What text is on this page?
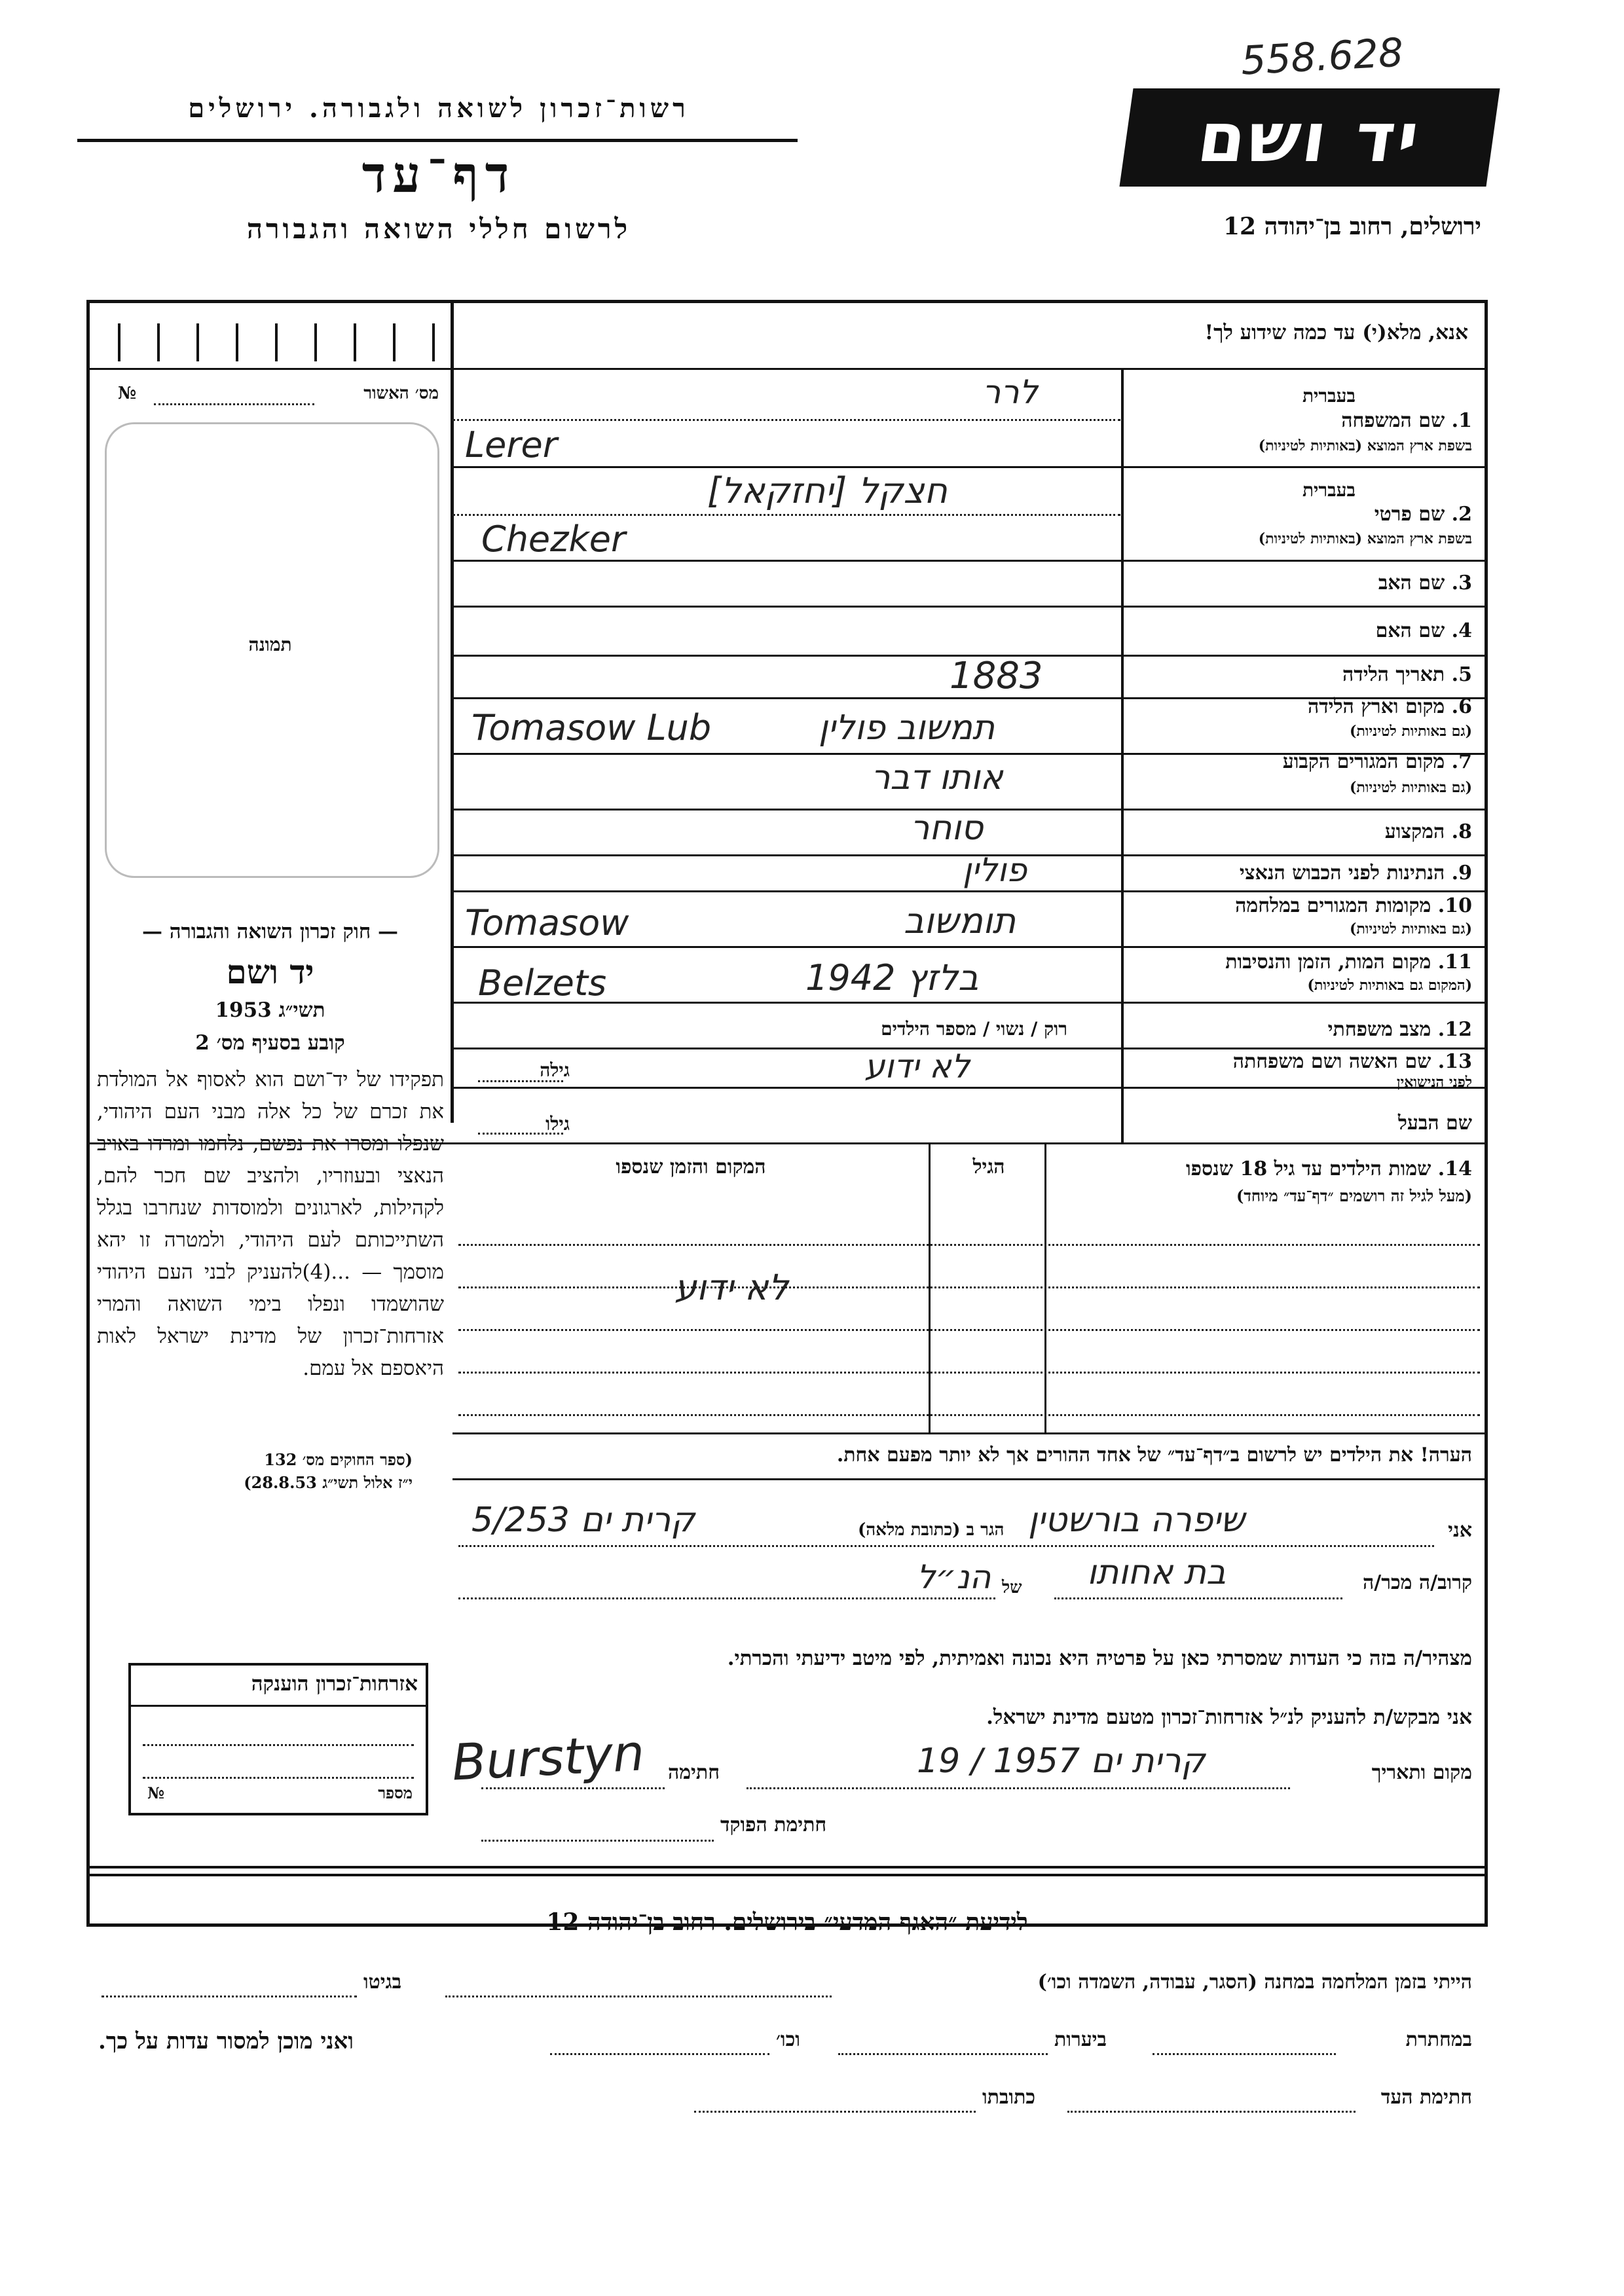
558.628
יד ושם
ירושלים, רחוב בן־יהודה 12
רשות־זכרון לשואה ולגבורה. ירושלים
דף־עד
לרשום חללי השואה והגבורה
אנא, מלא(י) עד כמה שידוע לך!
מס׳ האשור
№
תמונה
בעברית
1. שם המשפחה
בשפת ארץ המוצא (באותיות לטיניות)
לרר
Lerer
בעברית
2. שם פרטי
בשפת ארץ המוצא (באותיות לטיניות)
חצקל [יחזקאל]
Chezker
3. שם האב
4. שם האם
5. תאריך הלידה
1883
6. מקום וארץ הלידה
(גם באותיות לטיניות)
תמשוב פולין
Tomasow Lub
7. מקום המגורים הקבוע
(גם באותיות לטיניות)
אותו דבר
8. המקצוע
סוחר
9. הנתינות לפני הכבוש הנאצי
פולין
10. מקומות המגורים במלחמה
(גם באותיות לטיניות)
תומשוב
Tomasow
11. מקום המות, הזמן והנסיבות
(המקום גם באותיות לטיניות)
בלזץ 1942
Belzets
12. מצב משפחתי
רוק / נשוי / מספר הילדים
13. שם האשה ושם משפחתה
לפני הנישואין
גילה	לא ידוע
שם הבעל
גילו
— חוק זכרון השואה והגבורה —
יד ושם
תשי״ג 1953
קובע בסעיף מס׳ 2
תפקידו של יד־ושם הוא לאסוף אל המולדת את זכרם של כל אלה מבני העם היהודי, שנפלו ומסרו את נפשם, נלחמו ומרדו באויב הנאצי ובעוזריו, ולהציב שם חכר להם, לקהילות, לארגונים ולמוסדות שנחרבו בגלל השתייכותם לעם היהודי, ולמטרה זו יהא מוסמך — ...(4)להעניק לבני העם היהודי שהושמדו ונפלו בימי השואה והמרי אזרחות־זכרון של מדינת ישראל לאות היאספם אל עמם.
(ספר החוקים מס׳ 132
י״ז אלול תשי״ג 28.8.53)
14. שמות הילדים עד גיל 18 שנספו
(מעל לגיל זה רושמים ״דף־עד״ מיוחד)
הגיל
המקום והזמן שנספו
לא ידוע
הערה! את הילדים יש לרשום ב״דף־עד״ של אחד ההורים אך לא יותר מפעם אחת.
אני
שיפרה בורשטין
הגר ב (כתובת מלאה)
קרית ים 5/253
קרוב/ה מכר/ה
בת אחותו
של
הנ״ל
מצהיר/ה בזה כי העדות שמסרתי כאן על פרטיה היא נכונה ואמיתית, לפי מיטב ידיעתי והכרתי.
אני מבקש/ת להעניק לנ״ל אזרחות־זכרון מטעם מדינת ישראל.
מקום ותאריך
קרית ים 1957 / 19
חתימה
Burstyn
חתימת הפוקד
אזרחות־זכרון הוענקה
מספר
№
לידיעת ״האגף המדעי״ בירושלים. רחוב בן־יהודה 12
הייתי בזמן המלחמה במחנה (הסגר, עבודה, השמדה וכו׳)
בגיטו
במחתרת
ביערות
וכו׳
ואני מוכן למסור עדות על כך.
חתימת העד
כתובתו
